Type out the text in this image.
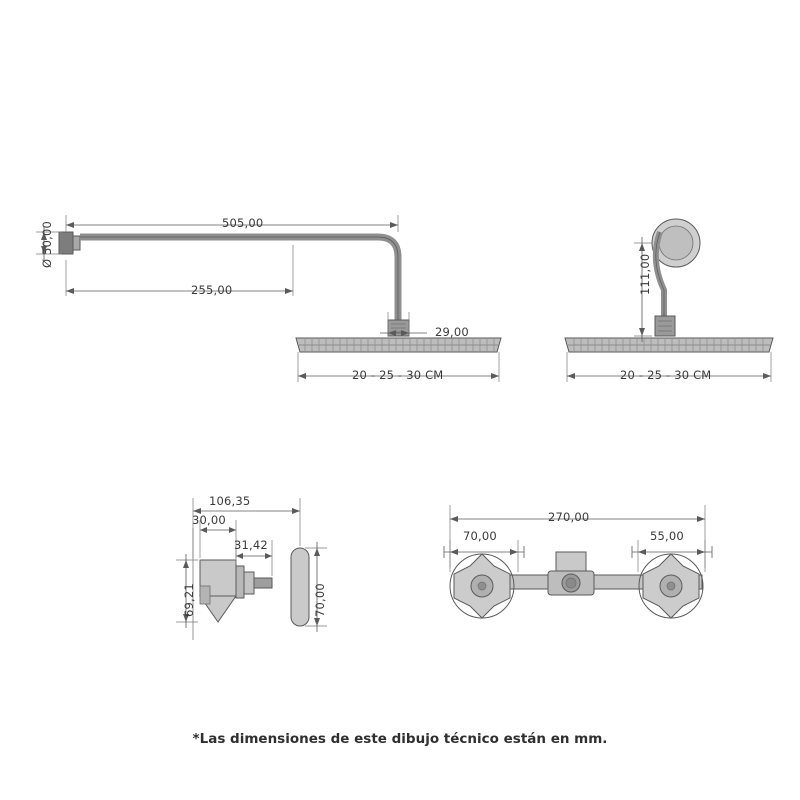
505,00
Ø 50,00
255,00
29,00
20 - 25 - 30 CM
111,00
20 - 25 - 30 CM
106,35
30,00
31,42
69,21	70,00
270,00
70,00	55,00
*Las dimensiones de este dibujo técnico están en mm.
